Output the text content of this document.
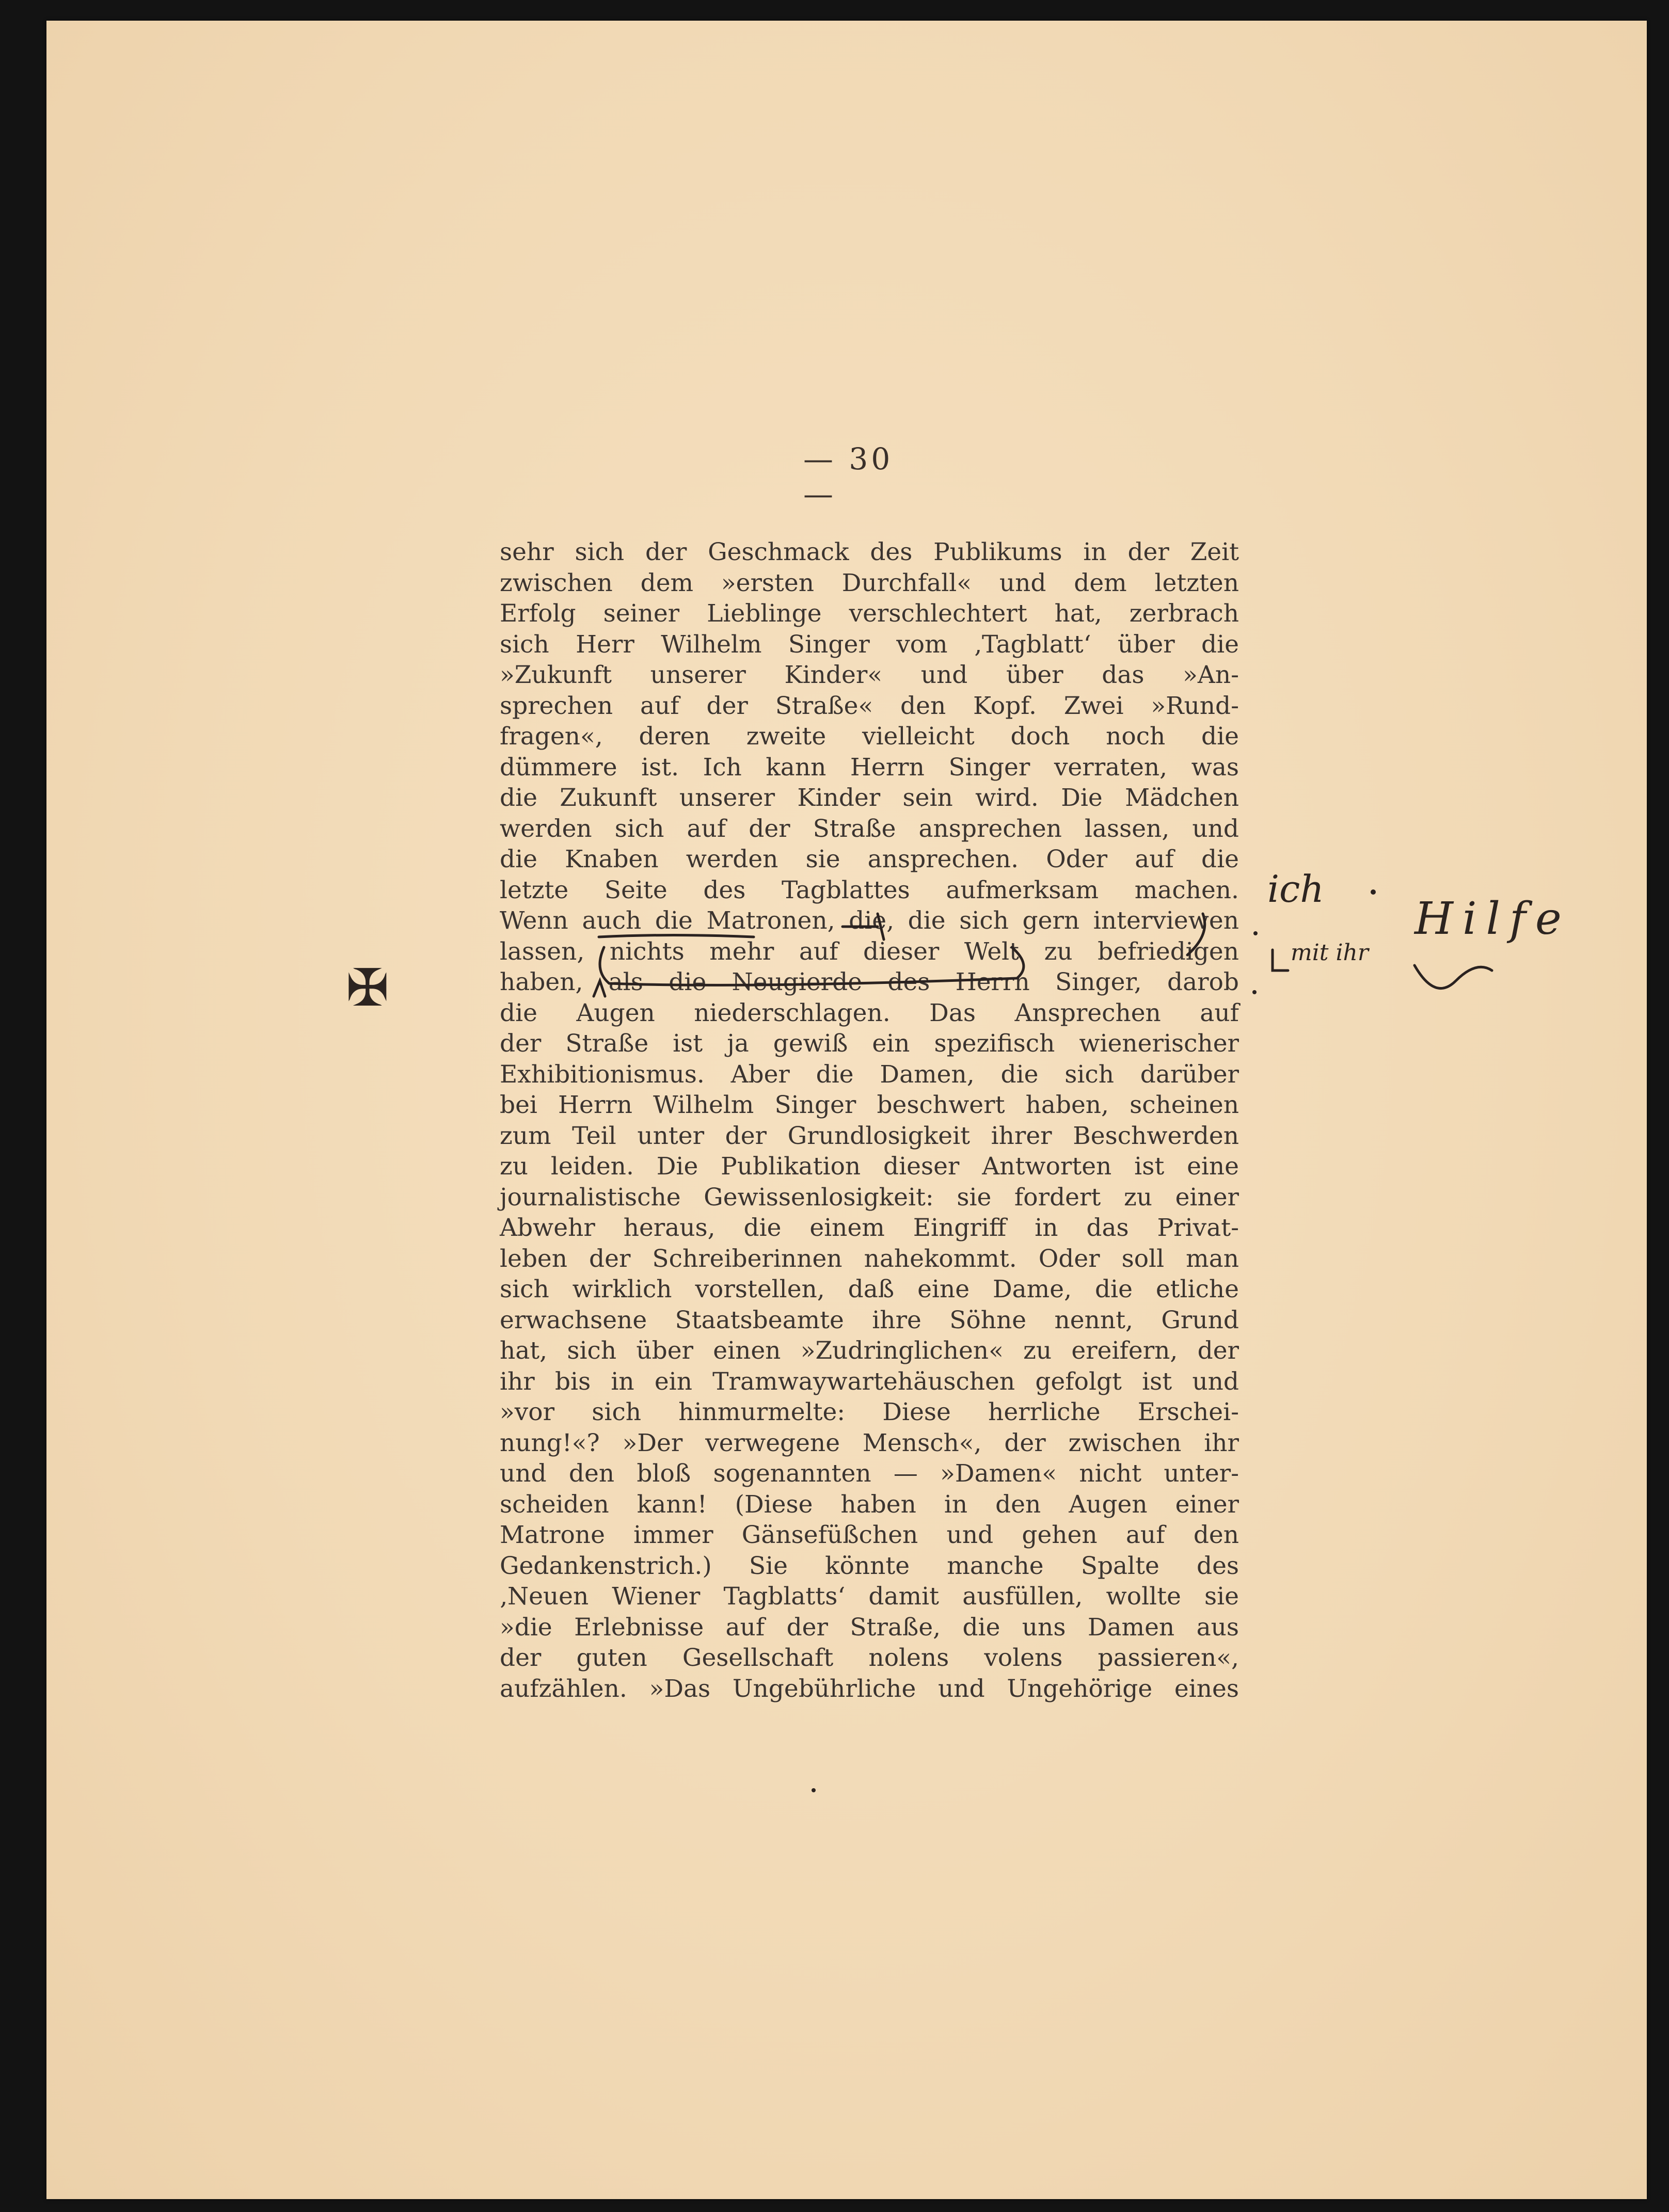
— 30 —
sehr sich der Geschmack des Publikums in der Zeit
zwischen dem »ersten Durchfall« und dem letzten
Erfolg seiner Lieblinge verschlechtert hat, zerbrach
sich Herr Wilhelm Singer vom ‚Tagblatt‘ über die
»Zukunft unserer Kinder« und über das »An-
sprechen auf der Straße« den Kopf. Zwei »Rund-
fragen«, deren zweite vielleicht doch noch die
dümmere ist. Ich kann Herrn Singer verraten, was
die Zukunft unserer Kinder sein wird. Die Mädchen
werden sich auf der Straße ansprechen lassen, und
die Knaben werden sie ansprechen. Oder auf die
letzte Seite des Tagblattes aufmerksam machen.
Wenn auch die Matronen, die, die sich gern interviewen
lassen, nichts mehr auf dieser Welt zu befriedigen
haben, als die Neugierde des Herrn Singer, darob
die Augen niederschlagen. Das Ansprechen auf
der Straße ist ja gewiß ein spezifisch wienerischer
Exhibitionismus. Aber die Damen, die sich darüber
bei Herrn Wilhelm Singer beschwert haben, scheinen
zum Teil unter der Grundlosigkeit ihrer Beschwerden
zu leiden. Die Publikation dieser Antworten ist eine
journalistische Gewissenlosigkeit: sie fordert zu einer
Abwehr heraus, die einem Eingriff in das Privat-
leben der Schreiberinnen nahekommt. Oder soll man
sich wirklich vorstellen, daß eine Dame, die etliche
erwachsene Staatsbeamte ihre Söhne nennt, Grund
hat, sich über einen »Zudringlichen« zu ereifern, der
ihr bis in ein Tramwaywartehäuschen gefolgt ist und
»vor sich hinmurmelte: Diese herrliche Erschei-
nung!«? »Der verwegene Mensch«, der zwischen ihr
und den bloß sogenannten — »Damen« nicht unter-
scheiden kann! (Diese haben in den Augen einer
Matrone immer Gänsefüßchen und gehen auf den
Gedankenstrich.) Sie könnte manche Spalte des
‚Neuen Wiener Tagblatts‘ damit ausfüllen, wollte sie
»die Erlebnisse auf der Straße, die uns Damen aus
der guten Gesellschaft nolens volens passieren«,
aufzählen. »Das Ungebührliche und Ungehörige eines
ich
mit ihr
Hilfe
✠
